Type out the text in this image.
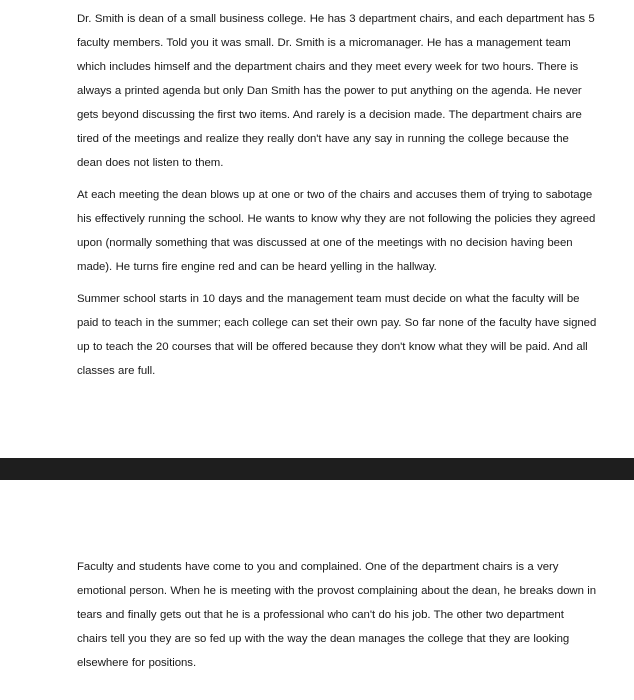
Dr. Smith is dean of a small business college. He has 3 department chairs, and each department has 5 faculty members. Told you it was small. Dr. Smith is a micromanager. He has a management team which includes himself and the department chairs and they meet every week for two hours. There is always a printed agenda but only Dan Smith has the power to put anything on the agenda. He never gets beyond discussing the first two items. And rarely is a decision made. The department chairs are tired of the meetings and realize they really don't have any say in running the college because the dean does not listen to them.

At each meeting the dean blows up at one or two of the chairs and accuses them of trying to sabotage his effectively running the school. He wants to know why they are not following the policies they agreed upon (normally something that was discussed at one of the meetings with no decision having been made). He turns fire engine red and can be heard yelling in the hallway.

Summer school starts in 10 days and the management team must decide on what the faculty will be paid to teach in the summer; each college can set their own pay. So far none of the faculty have signed up to teach the 20 courses that will be offered because they don't know what they will be paid. And all classes are full.

Faculty and students have come to you and complained. One of the department chairs is a very emotional person. When he is meeting with the provost complaining about the dean, he breaks down in tears and finally gets out that he is a professional who can't do his job. The other two department chairs tell you they are so fed up with the way the dean manages the college that they are looking elsewhere for positions.
